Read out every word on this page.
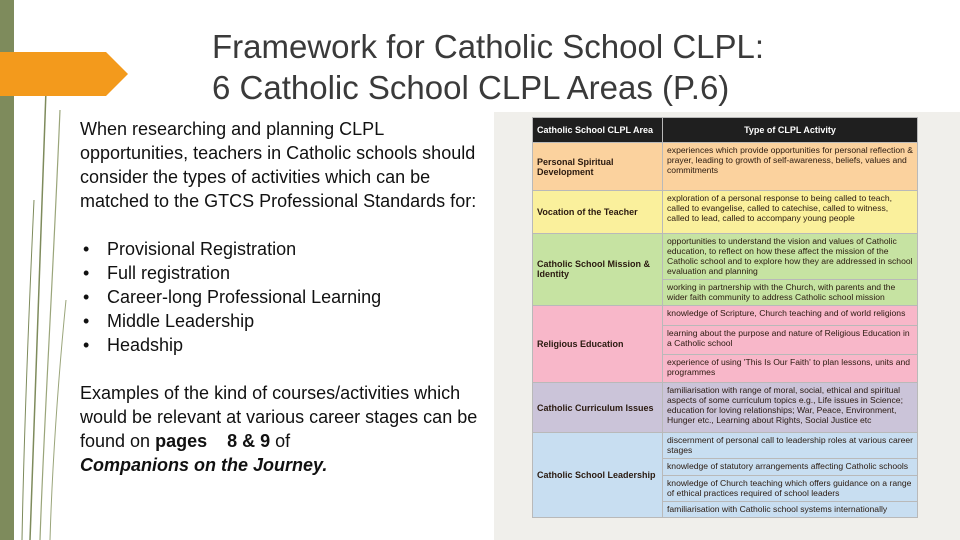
Framework for Catholic School CLPL:
6 Catholic School CLPL Areas (P.6)

When researching and planning CLPL opportunities, teachers in Catholic schools should consider the types of activities which can be matched to the GTCS Professional Standards for:

• Provisional Registration
• Full registration
• Career-long Professional Learning
• Middle Leadership
• Headship

Examples of the kind of courses/activities which would be relevant at various career stages can be found on pages 8 & 9 of
Companions on the Journey.

Catholic School CLPL Area	Type of CLPL Activity
Personal Spiritual Development	experiences which provide opportunities for personal reflection & prayer, leading to growth of self-awareness, beliefs, values and commitments
Vocation of the Teacher	exploration of a personal response to being called to teach, called to evangelise, called to catechise, called to witness, called to lead, called to accompany young people
Catholic School Mission & Identity	opportunities to understand the vision and values of Catholic education, to reflect on how these affect the mission of the Catholic school and to explore how they are addressed in school evaluation and planning
	working in partnership with the Church, with parents and the wider faith community to address Catholic school mission
Religious Education	knowledge of Scripture, Church teaching and of world religions
	learning about the purpose and nature of Religious Education in a Catholic school
	experience of using 'This Is Our Faith' to plan lessons, units and programmes
Catholic Curriculum Issues	familiarisation with range of moral, social, ethical and spiritual aspects of some curriculum topics e.g., Life issues in Science; education for loving relationships; War, Peace, Environment, Hunger etc., Learning about Rights, Social Justice etc
Catholic School Leadership	discernment of personal call to leadership roles at various career stages
	knowledge of statutory arrangements affecting Catholic schools
	knowledge of Church teaching which offers guidance on a range of ethical practices required of school leaders
	familiarisation with Catholic school systems internationally
